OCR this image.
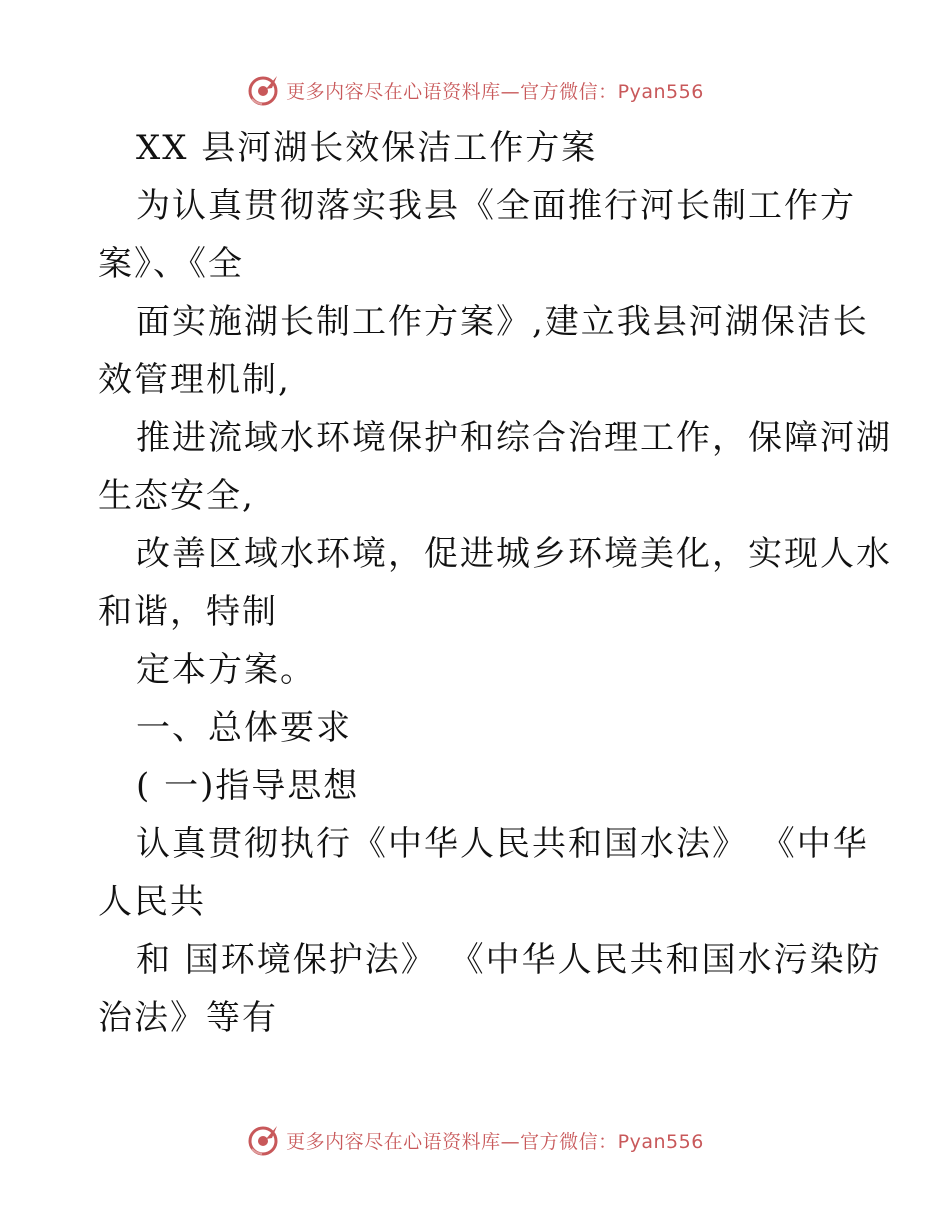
更多内容尽在心语资料库—官方微信：Pyan556
XX 县河湖长效保洁工作方案
为认真贯彻落实我县《全面推行河长制工作方
案》、《全
面实施湖长制工作方案》,建立我县河湖保洁长
效管理机制,
推进流域水环境保护和综合治理工作，保障河湖
生态安全,
改善区域水环境，促进城乡环境美化，实现人水
和谐，特制
定本方案。
一、总体要求
( 一)指导思想
认真贯彻执行《中华人民共和国水法》 《中华
人民共
和 国环境保护法》 《中华人民共和国水污染防
治法》等有
更多内容尽在心语资料库—官方微信：Pyan556
